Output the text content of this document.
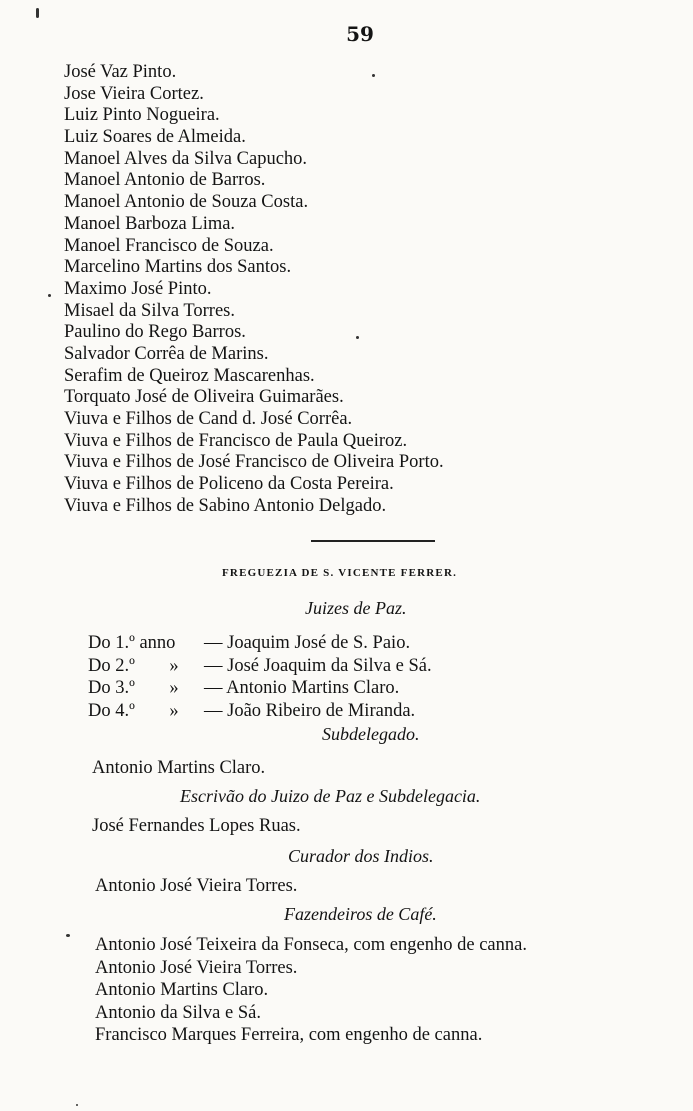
59
José Vaz Pinto.
Jose Vieira Cortez.
Luiz Pinto Nogueira.
Luiz Soares de Almeida.
Manoel Alves da Silva Capucho.
Manoel Antonio de Barros.
Manoel Antonio de Souza Costa.
Manoel Barboza Lima.
Manoel Francisco de Souza.
Marcelino Martins dos Santos.
Maximo José Pinto.
Misael da Silva Torres.
Paulino do Rego Barros.
Salvador Corrêa de Marins.
Serafim de Queiroz Mascarenhas.
Torquato José de Oliveira Guimarães.
Viuva e Filhos de Cand d. José Corrêa.
Viuva e Filhos de Francisco de Paula Queiroz.
Viuva e Filhos de José Francisco de Oliveira Porto.
Viuva e Filhos de Policeno da Costa Pereira.
Viuva e Filhos de Sabino Antonio Delgado.
FREGUEZIA DE S. VICENTE FERRER.
Juizes de Paz.
Do 1.º anno	— Joaquim José de S. Paio.
Do 2.º	»	— José Joaquim da Silva e Sá.
Do 3.º	»	— Antonio Martins Claro.
Do 4.º	»	— João Ribeiro de Miranda.
Subdelegado.
Antonio Martins Claro.
Escrivão do Juizo de Paz e Subdelegacia.
José Fernandes Lopes Ruas.
Curador dos Indios.
Antonio José Vieira Torres.
Fazendeiros de Café.
Antonio José Teixeira da Fonseca, com engenho de canna.
Antonio José Vieira Torres.
Antonio Martins Claro.
Antonio da Silva e Sá.
Francisco Marques Ferreira, com engenho de canna.
